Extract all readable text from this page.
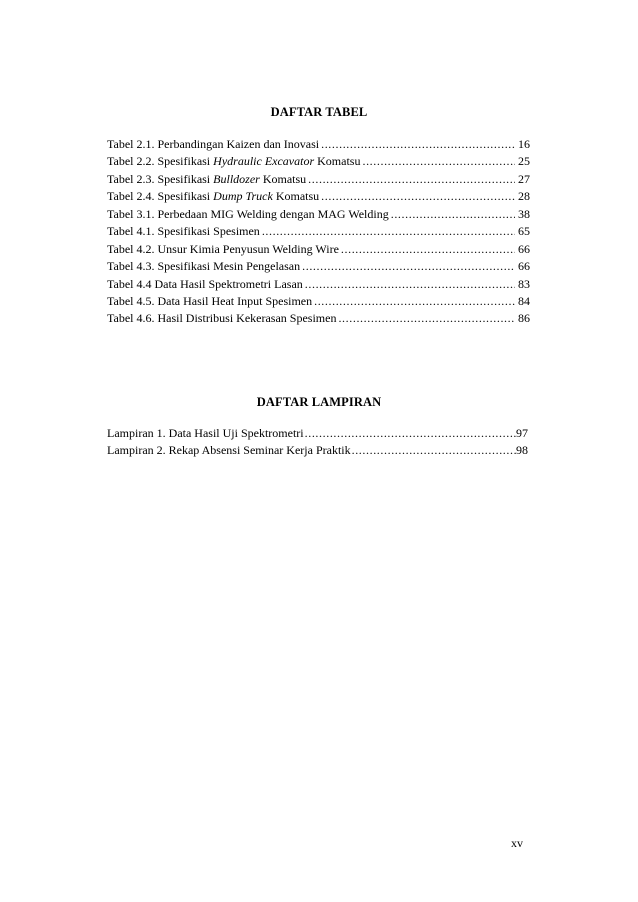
DAFTAR TABEL
Tabel 2.1. Perbandingan Kaizen dan Inovasi .....	16
Tabel 2.2. Spesifikasi Hydraulic Excavator Komatsu .....	25
Tabel 2.3. Spesifikasi Bulldozer Komatsu .....	27
Tabel 2.4. Spesifikasi Dump Truck Komatsu .....	28
Tabel 3.1. Perbedaan MIG Welding dengan MAG Welding .....	38
Tabel 4.1. Spesifikasi Spesimen .....	65
Tabel 4.2. Unsur Kimia Penyusun Welding Wire .....	66
Tabel 4.3. Spesifikasi Mesin Pengelasan .....	66
Tabel 4.4 Data Hasil Spektrometri Lasan .....	83
Tabel 4.5. Data Hasil Heat Input Spesimen .....	84
Tabel 4.6. Hasil Distribusi Kekerasan Spesimen .....	86
DAFTAR LAMPIRAN
Lampiran 1. Data Hasil Uji Spektrometri .....	97
Lampiran 2. Rekap Absensi Seminar Kerja Praktik .....	98
xv
